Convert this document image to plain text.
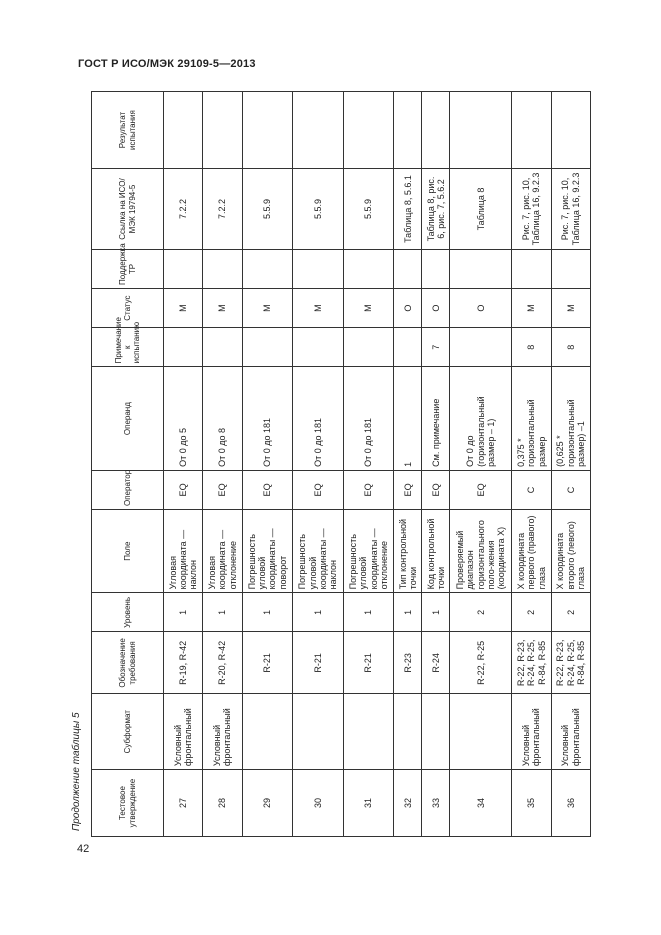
ГОСТ Р ИСО/МЭК 29109-5—2013
Продолжение таблицы 5	Тестовое утверждение	Субформат	Обозначение требования	Уровень	Поле	Оператор	Операнд	Примечание к испытанию	Статус	Поддержка ТР	Ссылка на ИСО/МЭК 19794-5	Результат испытания
27	Условный фронтальный	R-19, R-42	1	Угловая координата — наклон	EQ	От 0 до 5		M		7.2.2	
28	Условный фронтальный	R-20, R-42	1	Угловая координата — отклонение	EQ	От 0 до 8		M		7.2.2	
29		R-21	1	Погрешность угловой координаты — поворот	EQ	От 0 до 181		M		5.5.9	
30		R-21	1	Погрешность угловой координаты — наклон	EQ	От 0 до 181		M		5.5.9	
31		R-21	1	Погрешность угловой координаты — отклонение	EQ	От 0 до 181		M		5.5.9	
32		R-23	1	Тип контрольной точки	EQ	1		O		Таблица 8, 5.6.1	
33		R-24	1	Код контрольной точки	EQ	См. примечание	7	O		Таблица 8, рис. 6, рис. 7, 5.6.2	
34		R-22, R-25	2	Проверяемый диапазон горизонтального поло-жения (координата X)	EQ	От 0 до (горизонтальный размер – 1)		O		Таблица 8	
35	Условный фронтальный	R-22, R-23, R-24, R-25, R-84, R-85	2	X координата первого (правого) глаза	C	0,375 * горизонтальный размер	8	M		Рис. 7, рис. 10, Таблица 16, 9.2.3	
36	Условный фронтальный	R-22, R-23, R-24, R-25, R-84, R-85	2	X координата второго (левого) глаза	C	(0,625 * горизонтальный размер) –1	8	M		Рис. 7, рис. 10, Таблица 16, 9.2.3	
42
